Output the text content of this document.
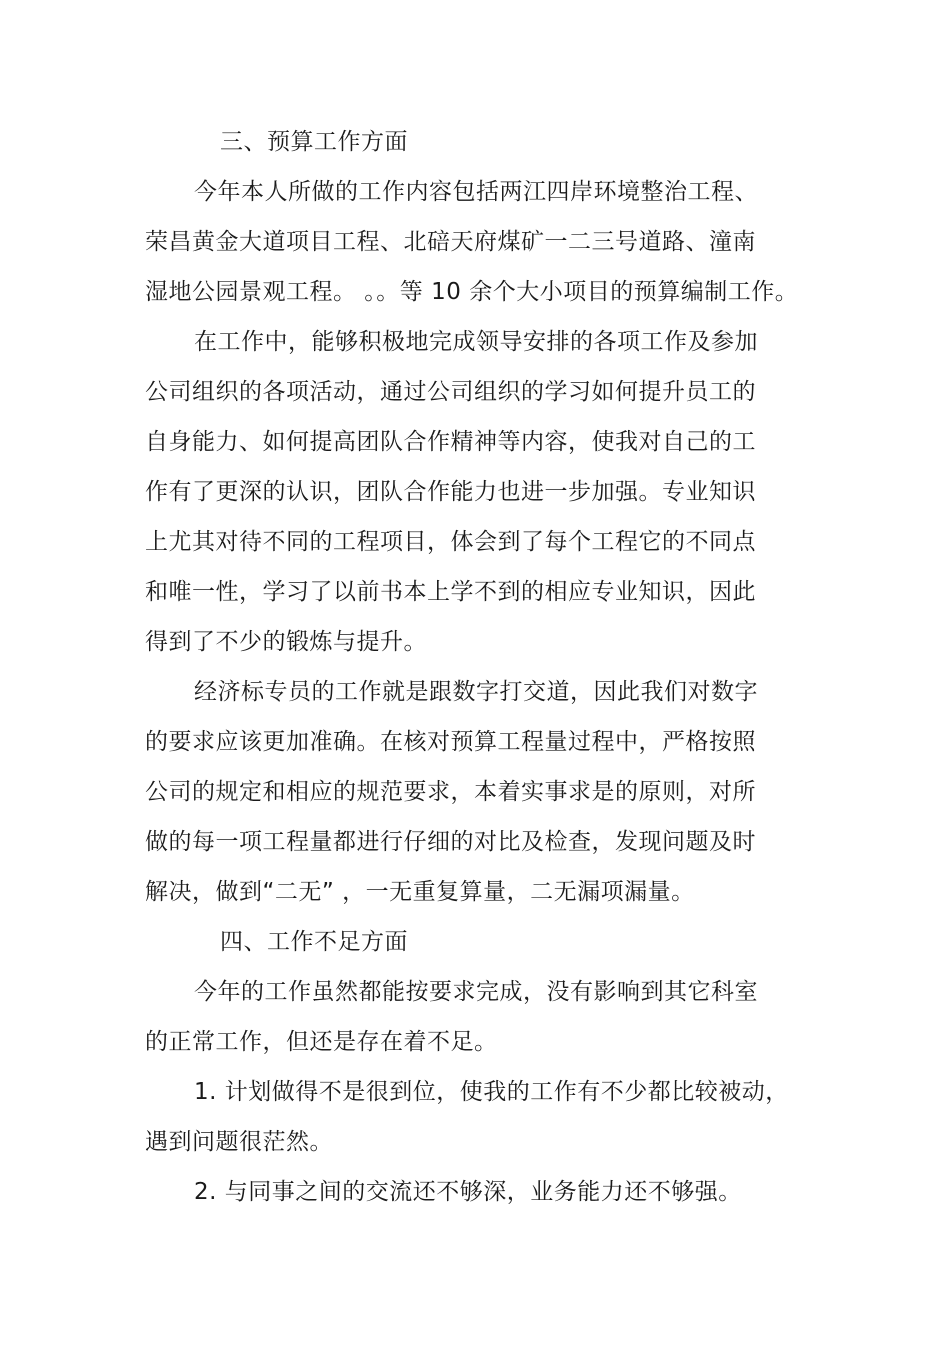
三、预算工作方面
今年本人所做的工作内容包括两江四岸环境整治工程、
荣昌黄金大道项目工程、北碚天府煤矿一二三号道路、潼南
湿地公园景观工程。 。。等 10 余个大小项目的预算编制工作。
在工作中，能够积极地完成领导安排的各项工作及参加
公司组织的各项活动，通过公司组织的学习如何提升员工的
自身能力、如何提高团队合作精神等内容，使我对自己的工
作有了更深的认识，团队合作能力也进一步加强。专业知识
上尤其对待不同的工程项目，体会到了每个工程它的不同点
和唯一性，学习了以前书本上学不到的相应专业知识，因此
得到了不少的锻炼与提升。
经济标专员的工作就是跟数字打交道，因此我们对数字
的要求应该更加准确。在核对预算工程量过程中，严格按照
公司的规定和相应的规范要求，本着实事求是的原则，对所
做的每一项工程量都进行仔细的对比及检查，发现问题及时
解决，做到“二无” ，一无重复算量，二无漏项漏量。
四、工作不足方面
今年的工作虽然都能按要求完成，没有影响到其它科室
的正常工作，但还是存在着不足。
1. 计划做得不是很到位，使我的工作有不少都比较被动，
遇到问题很茫然。
2. 与同事之间的交流还不够深，业务能力还不够强。
